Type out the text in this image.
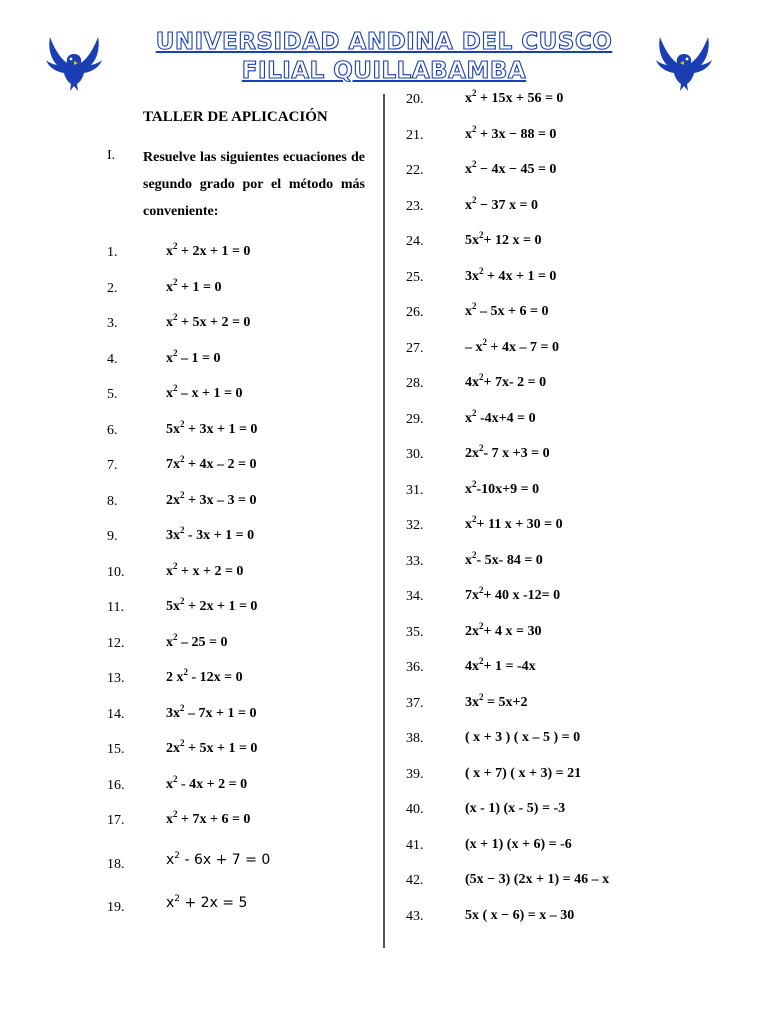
UNIVERSIDAD ANDINA DEL CUSCO
FILIAL QUILLABAMBA
TALLER DE APLICACIÓN
I. Resuelve las siguientes ecuaciones de segundo grado por el método más conveniente:
1.	$x^2 + 2x + 1 = 0$
2.	$x^2 + 1 = 0$
3.	$x^2 + 5x + 2 = 0$
4.	$x^2 - 1 = 0$
5.	$x^2 - x + 1 = 0$
6.	$5x^2 + 3x + 1 = 0$
7.	$7x^2 + 4x - 2 = 0$
8.	$2x^2 + 3x - 3 = 0$
9.	$3x^2 - 3x + 1 = 0$
10.	$x^2 + x + 2 = 0$
11.	$5x^2 + 2x + 1 = 0$
12.	$x^2 - 25 = 0$
13.	2 $x^2 - 12x = 0$
14.	$3x^2 - 7x + 1 = 0$
15.	$2x^2 + 5x + 1 = 0$
16.	$x^2 - 4x + 2 = 0$
17.	$x^2 + 7x + 6 = 0$
18.	$x^2 - 6x + 7 = 0$
19.	$x^2 + 2x = 5$
20.	$x^2 + 15x + 56 = 0$
21.	$x^2 + 3x - 88 = 0$
22.	$x^2 - 4x - 45 = 0$
23.	$x^2 - 37$ x = 0
24.	$5x^2+ 12$ x = 0
25.	$3x^2 + 4x + 1 = 0$
26.	$x^2 - 5x + 6 = 0$
27.	– $x^2 + 4x - 7 = 0$
28.	$4x^2+ 7x-$ 2 = 0
29.	$x^2$ -4x+4 = 0
30.	$2x^2-$ 7 x +3 = 0
31.	$x^2-10x+9 = 0$
32.	$x^2+ 11$ x + 30 = 0
33.	$x^2-$ 5x- 84 = 0
34.	$7x^2+ 40$ x -12= 0
35.	$2x^2+ 4$ x = 30
36.	$4x^2+ 1 = -4x$
37.	$3x^2 = 5x+2$
38.	( x + 3 ) ( x – 5 ) = 0
39.	( x + 7) ( x + 3) = 21
40.	(x - 1) (x - 5) = -3
41.	(x + 1) (x + 6) = -6
42.	(5x − 3) (2x + 1) = 46 – x
43.	5x ( x − 6) = x – 30
